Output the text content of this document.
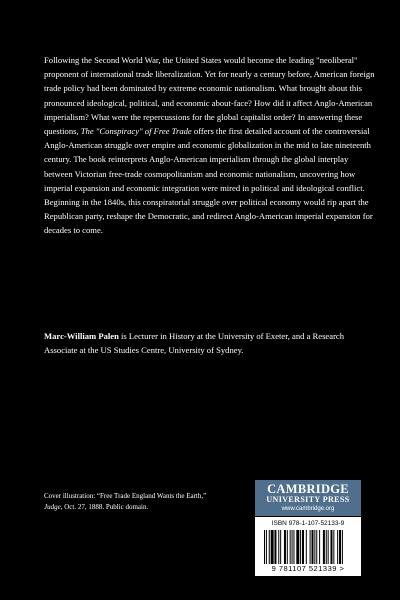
Following the Second World War, the United States would become the leading "neoliberal" proponent of international trade liberalization. Yet for nearly a century before, American foreign trade policy had been dominated by extreme economic nationalism. What brought about this pronounced ideological, political, and economic about-face? How did it affect Anglo-American imperialism? What were the repercussions for the global capitalist order? In answering these questions, The "Conspiracy" of Free Trade offers the first detailed account of the controversial Anglo-American struggle over empire and economic globalization in the mid to late nineteenth century. The book reinterprets Anglo-American imperialism through the global interplay between Victorian free-trade cosmopolitanism and economic nationalism, uncovering how imperial expansion and economic integration were mired in political and ideological conflict. Beginning in the 1840s, this conspiratorial struggle over political economy would rip apart the Republican party, reshape the Democratic, and redirect Anglo-American imperial expansion for decades to come.

Marc-William Palen is Lecturer in History at the University of Exeter, and a Research Associate at the US Studies Centre, University of Sydney.

Cover illustration: “Free Trade England Wants the Earth,” Judge, Oct. 27, 1888. Public domain.

CAMBRIDGE
UNIVERSITY PRESS
www.cambridge.org
ISBN 978-1-107-52133-9
9 781107 521339 >
